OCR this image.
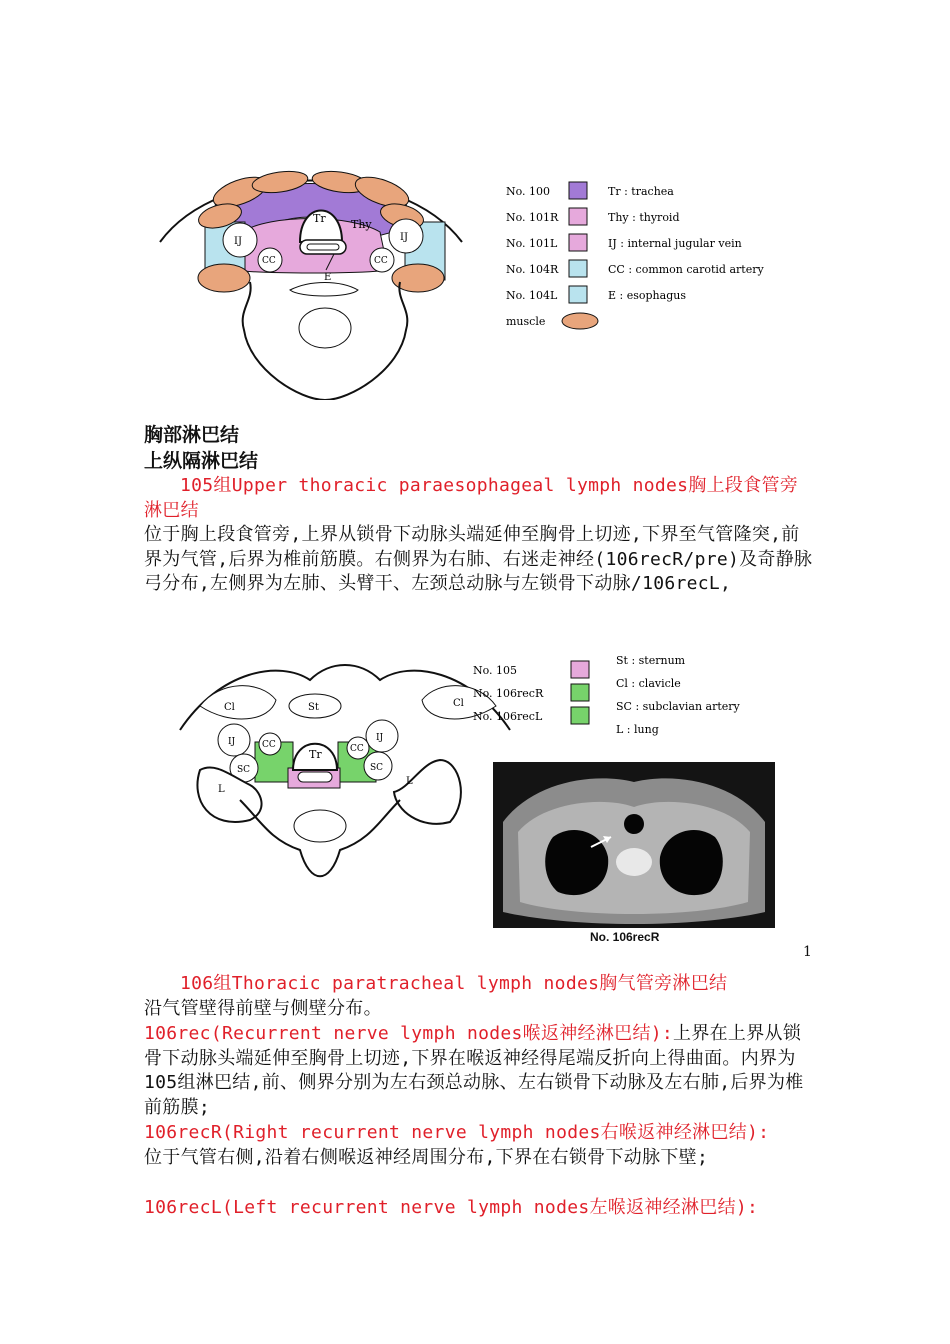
Tr Thy
IJ	IJ
CC	CC
E
No. 100
No. 101R
No. 101L
No. 104R
No. 104L
muscle
Tr : trachea
Thy : thyroid
IJ : internal jugular vein
CC : common carotid artery
E : esophagus
胸部淋巴结
上纵隔淋巴结

105组Upper thoracic paraesophageal lymph nodes胸上段食管旁淋巴结

位于胸上段食管旁,上界从锁骨下动脉头端延伸至胸骨上切迹,下界至气管隆突,前界为气管,后界为椎前筋膜。右侧界为右肺、右迷走神经(106recR/pre)及奇静脉弓分布,左侧界为左肺、头臂干、左颈总动脉与左锁骨下动脉/106recL,

Cl	St	Cl
IJ	CC
Tr	CC
IJ
SC	SC
L
L
No. 105
No. 106recR
No. 106recL
St : sternum
Cl : clavicle
SC : subclavian artery
L : lung
No. 106recR
1

106组Thoracic paratracheal lymph nodes胸气管旁淋巴结

沿气管壁得前壁与侧壁分布。

106rec(Recurrent nerve lymph nodes喉返神经淋巴结):上界在上界从锁骨下动脉头端延伸至胸骨上切迹,下界在喉返神经得尾端反折向上得曲面。内界为105组淋巴结,前、侧界分别为左右颈总动脉、左右锁骨下动脉及左右肺,后界为椎前筋膜;

106recR(Right recurrent nerve lymph nodes右喉返神经淋巴结):

位于气管右侧,沿着右侧喉返神经周围分布,下界在右锁骨下动脉下壁;

106recL(Left recurrent nerve lymph nodes左喉返神经淋巴结):
